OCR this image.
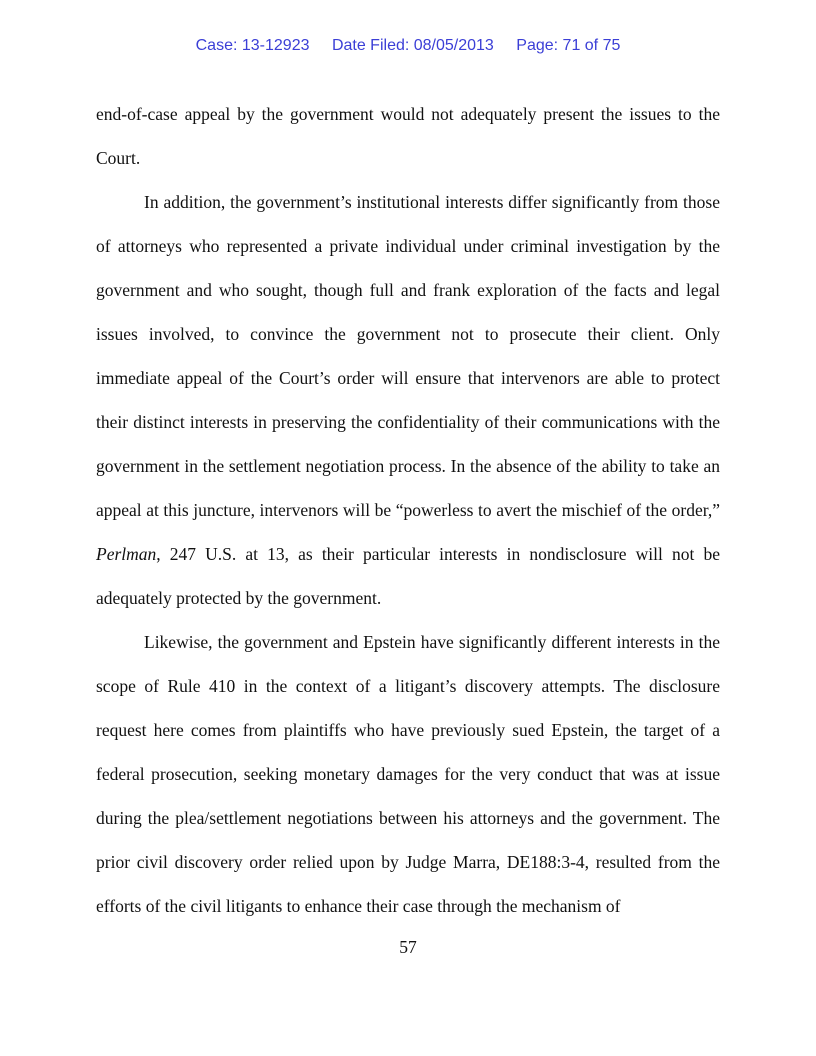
Case: 13-12923 Date Filed: 08/05/2013 Page: 71 of 75

end-of-case appeal by the government would not adequately present the issues to the Court.

In addition, the government’s institutional interests differ significantly from those of attorneys who represented a private individual under criminal investigation by the government and who sought, though full and frank exploration of the facts and legal issues involved, to convince the government not to prosecute their client. Only immediate appeal of the Court’s order will ensure that intervenors are able to protect their distinct interests in preserving the confidentiality of their communications with the government in the settlement negotiation process. In the absence of the ability to take an appeal at this juncture, intervenors will be “powerless to avert the mischief of the order,” Perlman, 247 U.S. at 13, as their particular interests in nondisclosure will not be adequately protected by the government.

Likewise, the government and Epstein have significantly different interests in the scope of Rule 410 in the context of a litigant’s discovery attempts. The disclosure request here comes from plaintiffs who have previously sued Epstein, the target of a federal prosecution, seeking monetary damages for the very conduct that was at issue during the plea/settlement negotiations between his attorneys and the government. The prior civil discovery order relied upon by Judge Marra, DE188:3-4, resulted from the efforts of the civil litigants to enhance their case through the mechanism of

57
